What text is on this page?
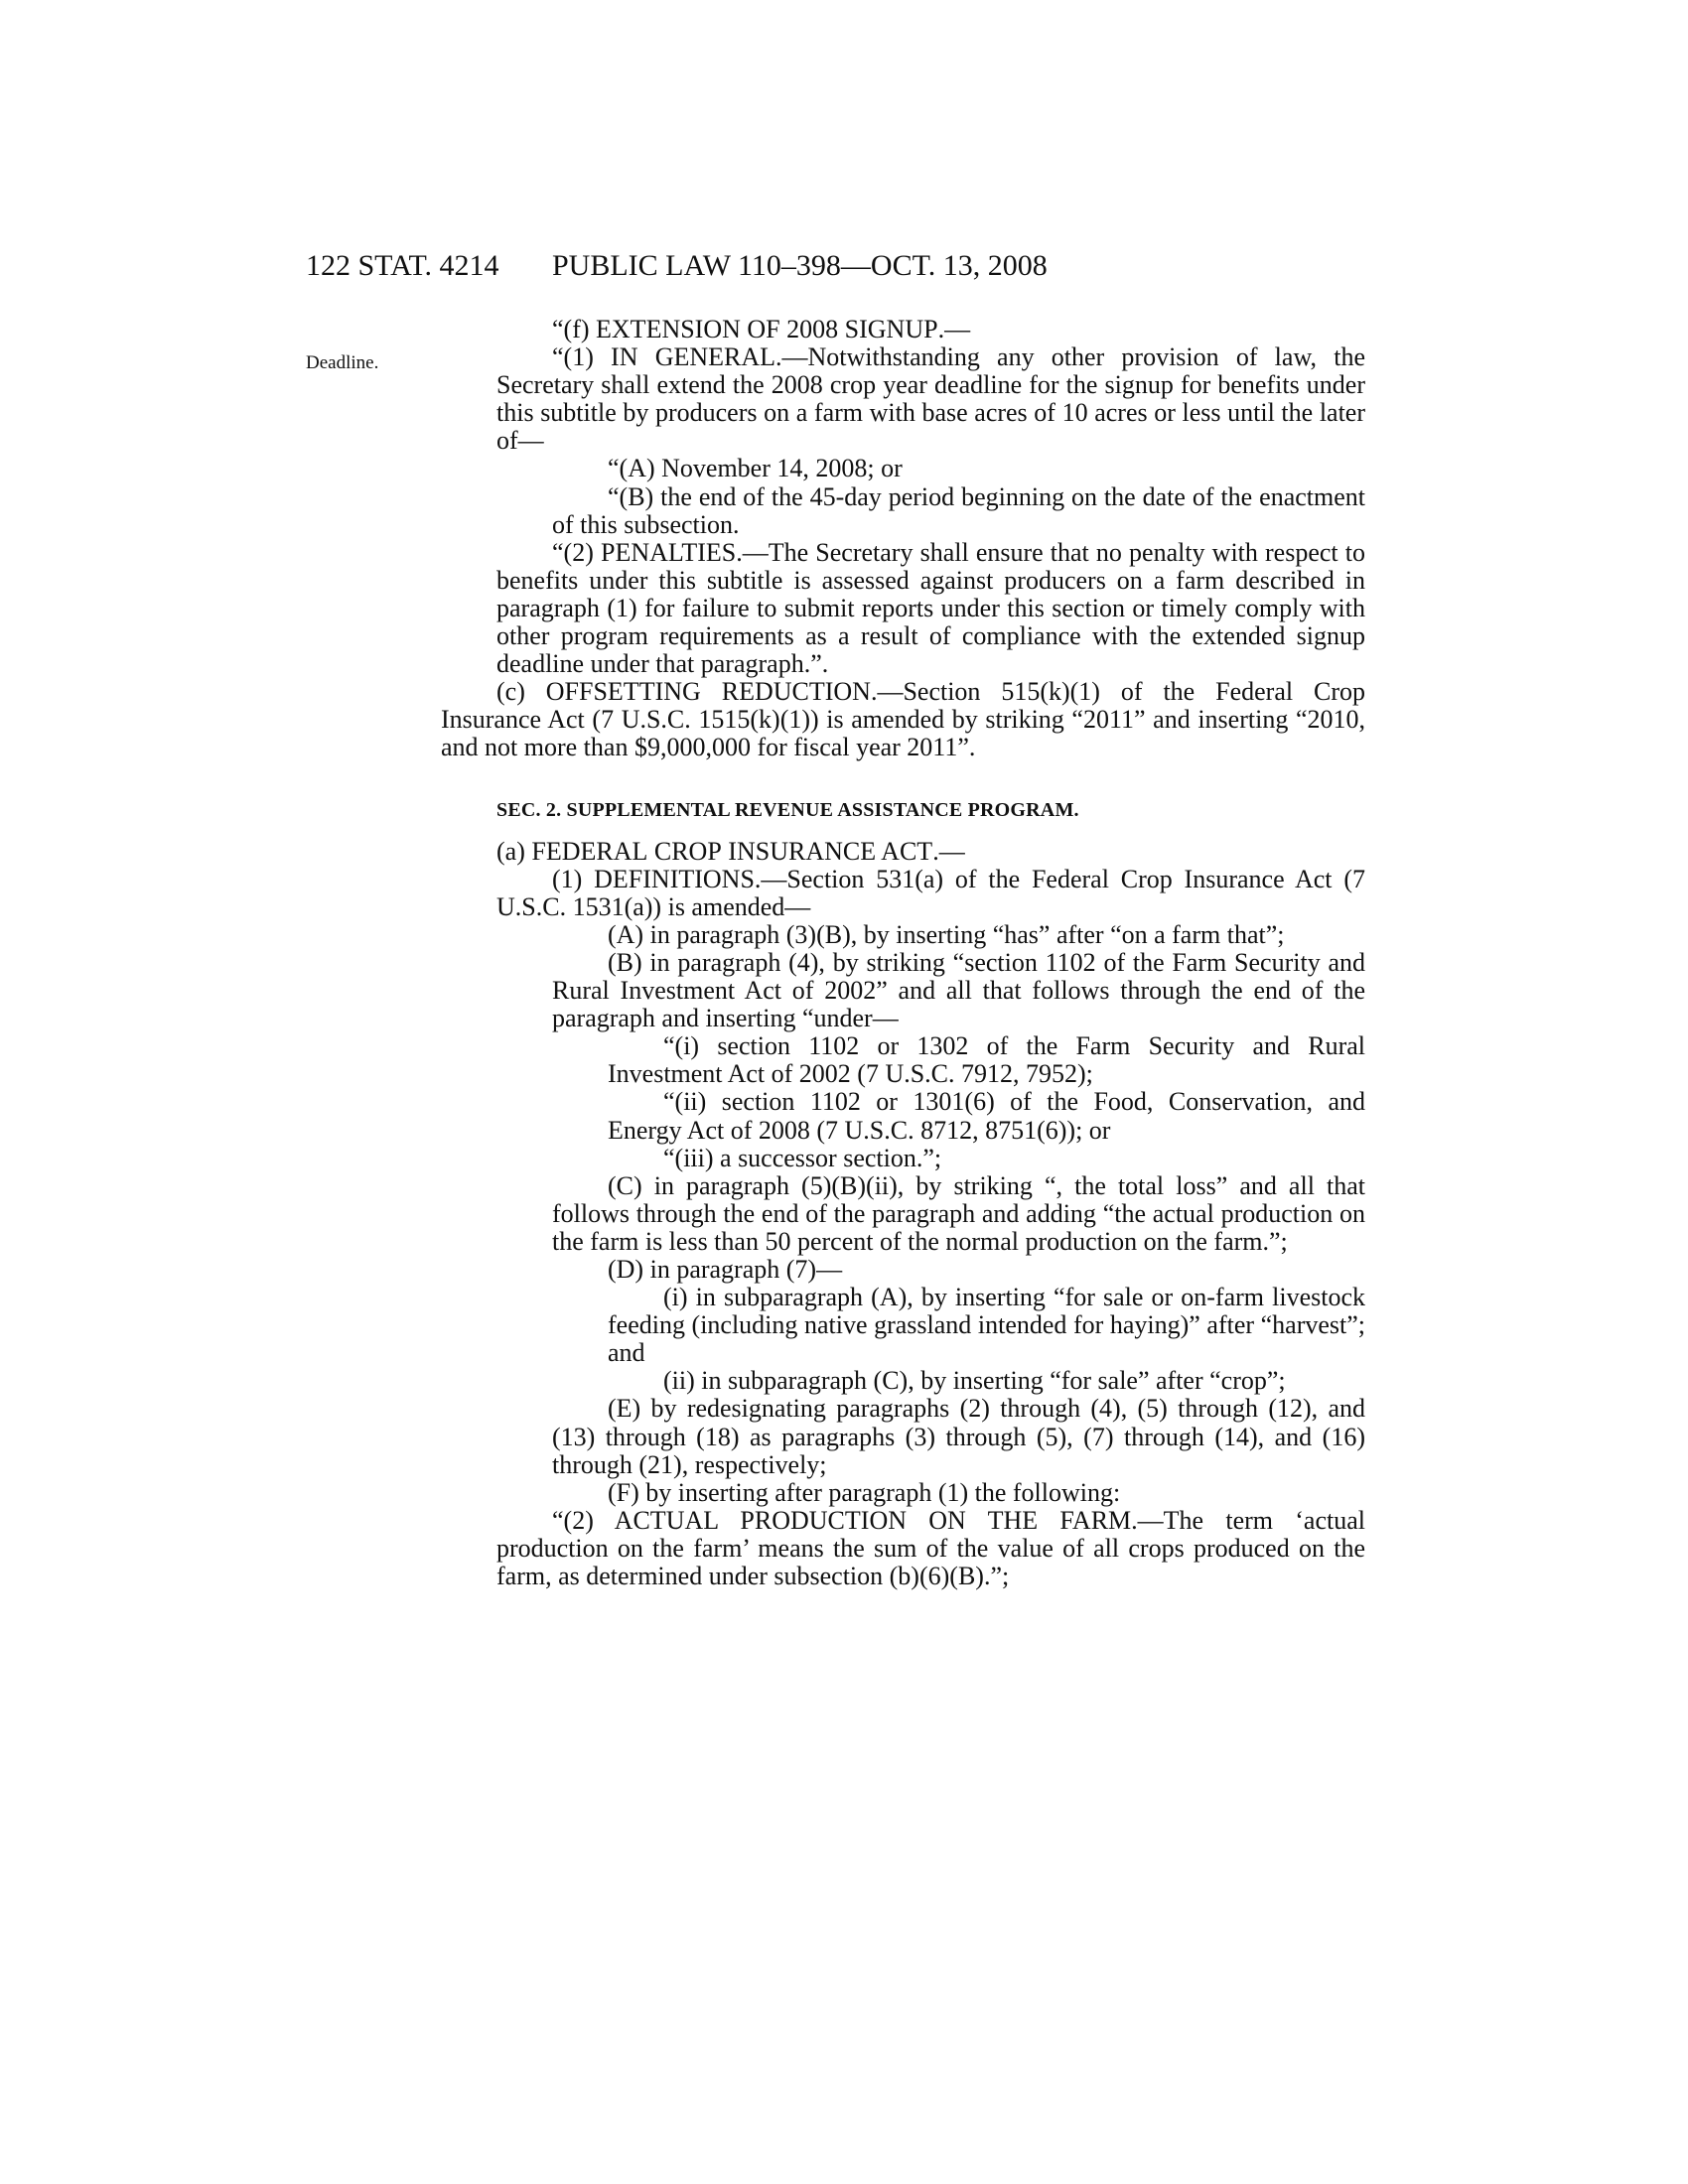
122 STAT. 4214 PUBLIC LAW 110–398—OCT. 13, 2008
Deadline.

“(f) EXTENSION OF 2008 SIGNUP.—

“(1) IN GENERAL.—Notwithstanding any other provision of law, the Secretary shall extend the 2008 crop year deadline for the signup for benefits under this subtitle by producers on a farm with base acres of 10 acres or less until the later of—

“(A) November 14, 2008; or

“(B) the end of the 45-day period beginning on the date of the enactment of this subsection.

“(2) PENALTIES.—The Secretary shall ensure that no penalty with respect to benefits under this subtitle is assessed against producers on a farm described in paragraph (1) for failure to submit reports under this section or timely comply with other program requirements as a result of compliance with the extended signup deadline under that paragraph.”.

(c) OFFSETTING REDUCTION.—Section 515(k)(1) of the Federal Crop Insurance Act (7 U.S.C. 1515(k)(1)) is amended by striking “2011” and inserting “2010, and not more than $9,000,000 for fiscal year 2011”.

SEC. 2. SUPPLEMENTAL REVENUE ASSISTANCE PROGRAM.

(a) FEDERAL CROP INSURANCE ACT.—

(1) DEFINITIONS.—Section 531(a) of the Federal Crop Insurance Act (7 U.S.C. 1531(a)) is amended—

(A) in paragraph (3)(B), by inserting “has” after “on a farm that”;

(B) in paragraph (4), by striking “section 1102 of the Farm Security and Rural Investment Act of 2002” and all that follows through the end of the paragraph and inserting “under—

“(i) section 1102 or 1302 of the Farm Security and Rural Investment Act of 2002 (7 U.S.C. 7912, 7952);

“(ii) section 1102 or 1301(6) of the Food, Conservation, and Energy Act of 2008 (7 U.S.C. 8712, 8751(6)); or

“(iii) a successor section.”;

(C) in paragraph (5)(B)(ii), by striking “, the total loss” and all that follows through the end of the paragraph and adding “the actual production on the farm is less than 50 percent of the normal production on the farm.”;

(D) in paragraph (7)—

(i) in subparagraph (A), by inserting “for sale or on-farm livestock feeding (including native grassland intended for haying)” after “harvest”; and

(ii) in subparagraph (C), by inserting “for sale” after “crop”;

(E) by redesignating paragraphs (2) through (4), (5) through (12), and (13) through (18) as paragraphs (3) through (5), (7) through (14), and (16) through (21), respectively;

(F) by inserting after paragraph (1) the following:

“(2) ACTUAL PRODUCTION ON THE FARM.—The term ‘actual production on the farm’ means the sum of the value of all crops produced on the farm, as determined under subsection (b)(6)(B).”;
